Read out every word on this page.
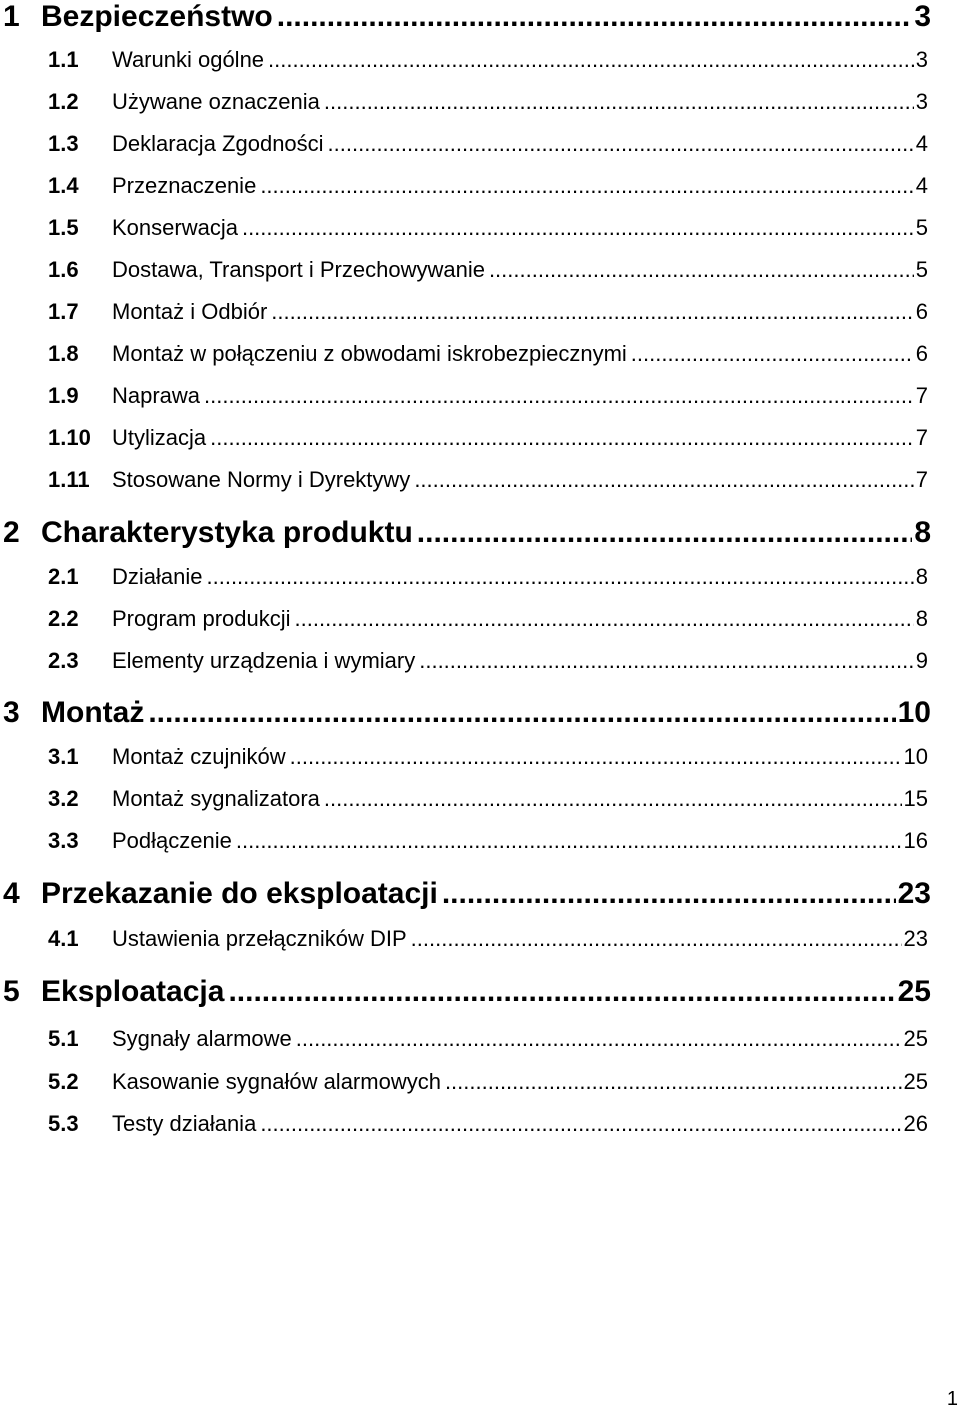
1 Bezpieczeństwo .....	3
1.1	Warunki ogólne .....	3
1.2	Używane oznaczenia .....	3
1.3	Deklaracja Zgodności .....	4
1.4	Przeznaczenie .....	4
1.5	Konserwacja .....	5
1.6	Dostawa, Transport i Przechowywanie .....	5
1.7	Montaż i Odbiór .....	6
1.8	Montaż w połączeniu z obwodami iskrobezpiecznymi .....	6
1.9	Naprawa .....	7
1.10 Utylizacja .....	7
1.11	Stosowane Normy i Dyrektywy .....	7
2 Charakterystyka produktu .....	8
2.1	Działanie .....	8
2.2	Program produkcji .....	8
2.3	Elementy urządzenia i wymiary .....	9
3 Montaż .....	10
3.1	Montaż czujników .....	10
3.2	Montaż sygnalizatora .....	15
3.3	Podłączenie .....	16
4 Przekazanie do eksploatacji .....	23
4.1	Ustawienia przełączników DIP .....	23
5 Eksploatacja .....	25
5.1	Sygnały alarmowe .....	25
5.2	Kasowanie sygnałów alarmowych .....	25
5.3	Testy działania .....	26
1
